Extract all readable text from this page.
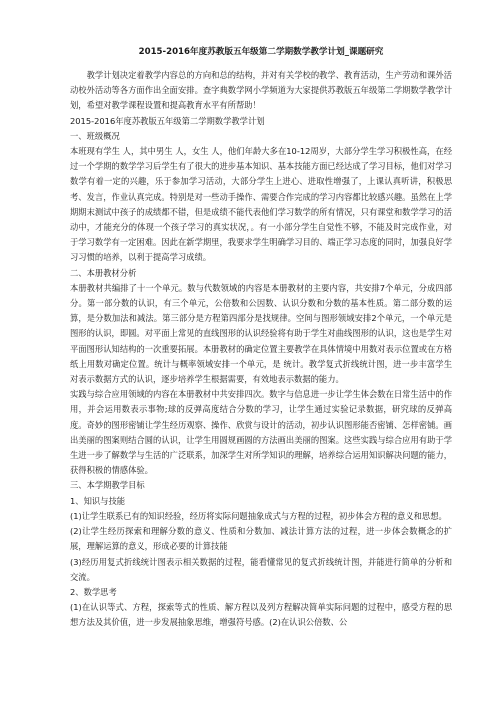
2015-2016年度苏教版五年级第二学期数学教学计划_课题研究

教学计划决定着教学内容总的方向和总的结构，并对有关学校的教学、教育活动，生产劳动和课外活动校外活动等各方面作出全面安排。查字典数学网小学频道为大家提供苏教版五年级第二学期数学教学计划，希望对教学课程设置和提高教育水平有所帮助！

2015-2016年度苏教版五年级第二学期数学教学计划

一、班级概况

本班现有学生 人，其中男生 人，女生 人，他们年龄大多在10-12周岁，大部分学生学习积极性高，在经过一个学期的数学学习后学生有了很大的进步基本知识、基本技能方面已经达成了学习目标，他们对学习数学有着一定的兴趣，乐于参加学习活动，大部分学生上进心、进取性增强了，上课认真听讲，积极思考、发言，作业认真完成。特别是对一些动手操作、需要合作完成的学习内容都比较感兴趣。虽然在上学期期末测试中孩子的成绩都不错，但是成绩不能代表他们学习数学的所有情况，只有课堂和数学学习的活动中，才能充分的体现一个孩子学习的真实状况，。有一小部分学生自觉性不够，不能及时完成作业，对于学习数学有一定困难。因此在新学期里，我要求学生明确学习目的、端正学习态度的同时，加强良好学习习惯的培养，以利于提高学习成绩。

二、本册教材分析

本册教材共编排了十一个单元。数与代数领域的内容是本册教材的主要内容，共安排7个单元，分成四部分。第一部分数的认识，有三个单元，公倍数和公因数、认识分数和分数的基本性质。第二部分数的运算，是分数加法和减法。第三部分是方程第四部分是找规律。空间与图形领域安排2个单元，一个单元是图形的认识，即圆。对平面上常见的直线图形的认识经验将有助于学生对曲线图形的认识，这也是学生对平面图形认知结构的一次重要拓展。本册教材的确定位置主要教学在具体情境中用数对表示位置或在方格纸上用数对确定位置。统计与概率领域安排一个单元，是 统计。教学复式折线统计图，进一步丰富学生对表示数据方式的认识，逐步培养学生根据需要，有效地表示数据的能力。

实践与综合应用领域的内容在本册教材中共安排四次。数字与信息进一步让学生体会数在日常生活中的作用，并会运用数表示事物;球的反弹高度结合分数的学习，让学生通过实验记录数据，研究球的反弹高度。奇妙的图形密铺让学生经历观察、操作、欣赏与设计的活动，初步认识图形能否密铺、怎样密铺。画出美丽的图案则结合圆的认识，让学生用圆规画圆的方法画出美丽的图案。这些实践与综合应用有助于学生进一步了解数学与生活的广泛联系，加深学生对所学知识的理解，培养综合运用知识解决问题的能力，获得积极的情感体验。

三、本学期教学目标

1、知识与技能

(1)让学生联系已有的知识经验，经历将实际问题抽象成式与方程的过程，初步体会方程的意义和思想。

(2)让学生经历探索和理解分数的意义、性质和分数加、减法计算方法的过程，进一步体会数概念的扩展，理解运算的意义，形成必要的计算技能

(3)经历用复式折线统计图表示相关数据的过程，能看懂常见的复式折线统计图，并能进行简单的分析和交流。

2、数学思考

(1)在认识等式、方程，探索等式的性质、解方程以及列方程解决简单实际问题的过程中，感受方程的思想方法及其价值，进一步发展抽象思维，增强符号感。(2)在认识公倍数、公
